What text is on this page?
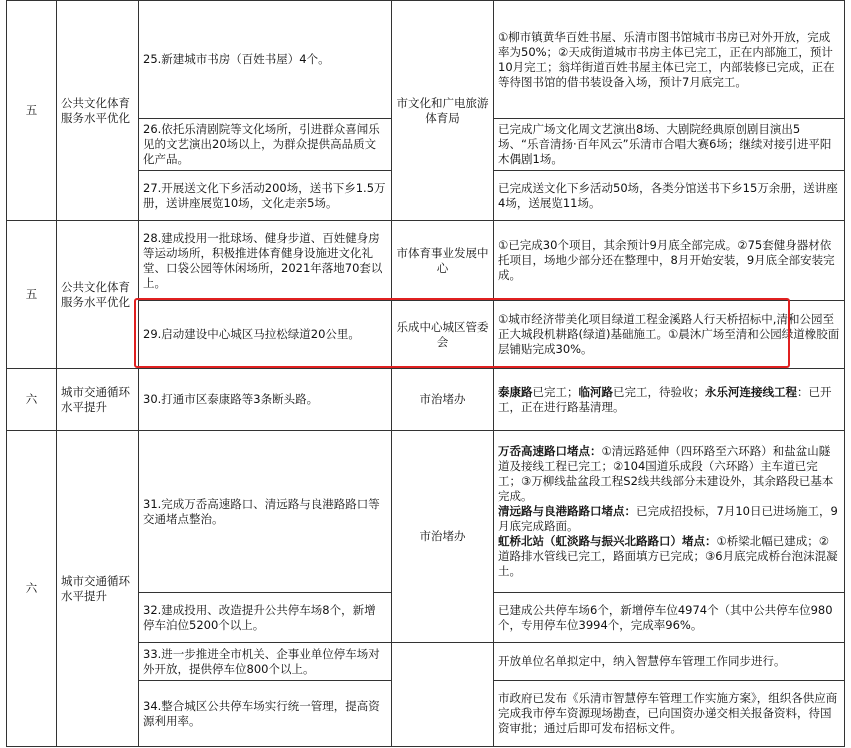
五	公共文化体育服务水平优化	25.新建城市书房（百姓书屋）4个。	市文化和广电旅游体育局	①柳市镇黄华百姓书屋、乐清市图书馆城市书房已对外开放，完成率为50%；②天成街道城市书房主体已完工，正在内部施工，预计10月完工；翁垟街道百姓书屋主体已完工，内部装修已完成，正在等待图书馆的借书装设备入场，预计7月底完工。
		26.依托乐清剧院等文化场所，引进群众喜闻乐见的文艺演出20场以上，为群众提供高品质文化产品。		已完成广场文化周文艺演出8场、大剧院经典原创剧目演出5场、“乐音清扬·百年风云”乐清市合唱大赛6场；继续对接引进平阳木偶剧1场。
		27.开展送文化下乡活动200场，送书下乡1.5万册，送讲座展览10场，文化走亲5场。		已完成送文化下乡活动50场，各类分馆送书下乡15万余册，送讲座4场，送展览11场。
五	公共文化体育服务水平优化	28.建成投用一批球场、健身步道、百姓健身房等运动场所，积极推进体育健身设施进文化礼堂、口袋公园等休闲场所，2021年落地70套以上。	市体育事业发展中心	①已完成30个项目，其余预计9月底全部完成。②75套健身器材依托项目，场地少部分还在整理中，8月开始安装，9月底全部安装完成。
		29.启动建设中心城区马拉松绿道20公里。	乐成中心城区管委会	①城市经济带美化项目绿道工程金溪路人行天桥招标中,清和公园至正大城段机耕路(绿道)基础施工。①晨沐广场至清和公园绿道橡胶面层铺贴完成30%。
六	城市交通循环水平提升	30.打通市区泰康路等3条断头路。	市治堵办	泰康路已完工；临河路已完工，待验收；永乐河连接线工程：已开工，正在进行路基清理。
六	城市交通循环水平提升	31.完成万岙高速路口、清远路与良港路路口等交通堵点整治。	市治堵办	万岙高速路口堵点：①清远路延伸（四环路至六环路）和盐盆山隧道及接线工程已完工；②104国道乐成段（六环路）主车道已完工；③万柳线盐盆段工程S2线共线部分未建设外，其余路段已基本完成。
清远路与良港路路口堵点：已完成招投标，7月10日已进场施工，9月底完成路面。
虹桥北站（虹淡路与振兴北路路口）堵点：①桥梁北幅已建成；②道路排水管线已完工，路面填方已完成；③6月底完成桥台泡沫混凝土。
		32.建成投用、改造提升公共停车场8个，新增停车泊位5200个以上。		已建成公共停车场6个，新增停车位4974个（其中公共停车位980个，专用停车位3994个，完成率96%。
		33.进一步推进全市机关、企事业单位停车场对外开放，提供停车位800个以上。		开放单位名单拟定中，纳入智慧停车管理工作同步进行。
		34.整合城区公共停车场实行统一管理，提高资源利用率。		市政府已发布《乐清市智慧停车管理工作实施方案》，组织各供应商完成我市停车资源现场勘查，已向国资办递交相关报备资料，待国资审批；通过后即可发布招标文件。
